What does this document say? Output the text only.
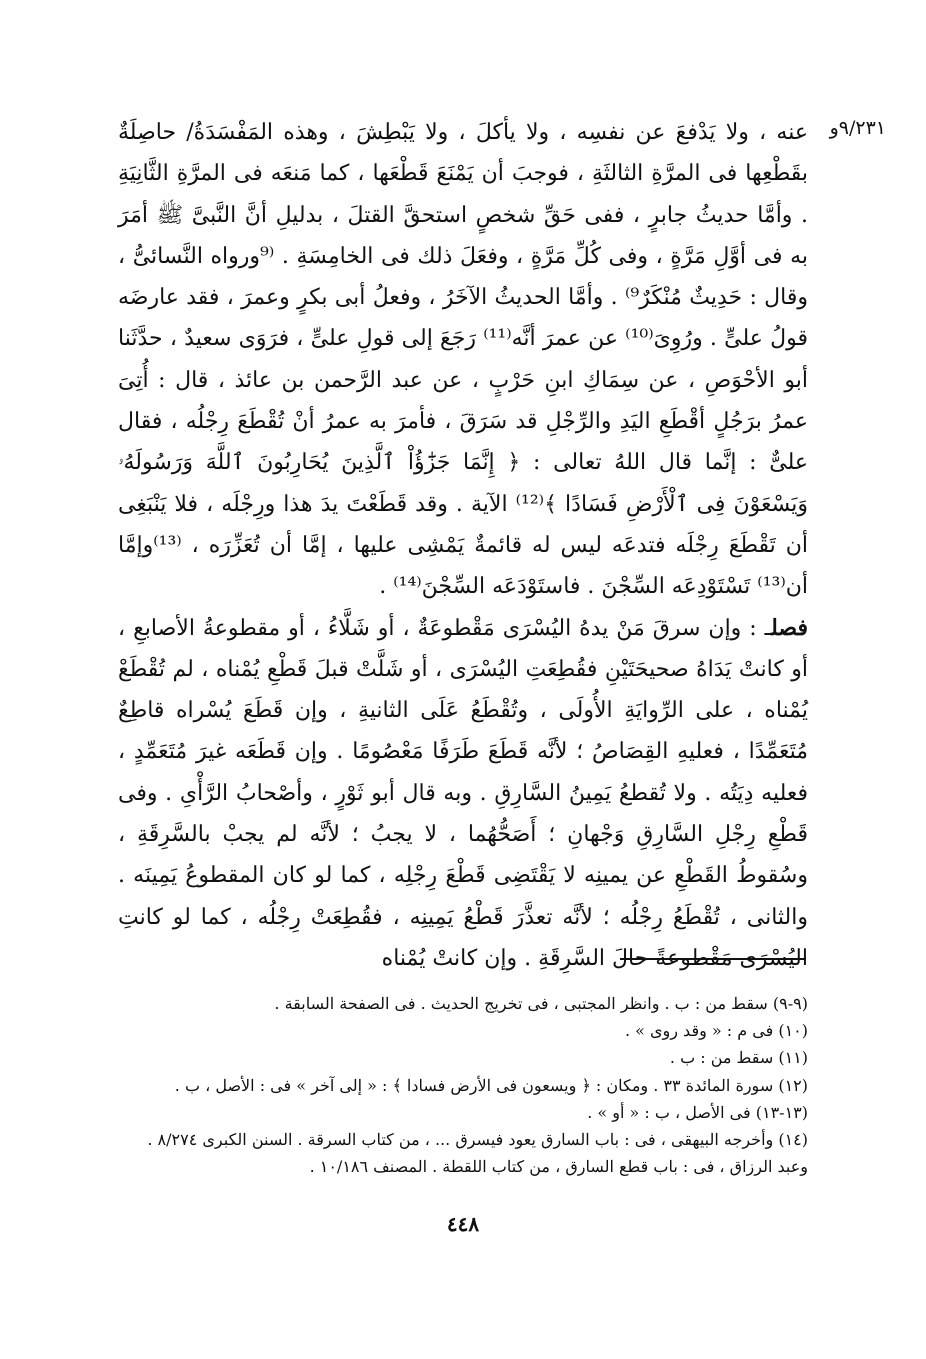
٩/٢٣١و

عنه ، ولا يَدْفعَ عن نفسِه ، ولا يأكلَ ، ولا يَبْطِشَ ، وهذه المَفْسَدَةُ/ حاصِلَةٌ بقَطْعِها فى المرَّةِ الثالثَةِ ، فوجبَ أن يَمْنَعَ قَطْعَها ، كما مَنعَه فى المرَّةِ الثَّانِيَةِ . وأمَّا حديثُ جابرٍ ، ففى حَقِّ شخصٍ استحقَّ القتلَ ، بدليلِ أنَّ النَّبىَّ ﷺ أمَرَ به فى أوَّلِ مَرَّةٍ ، وفى كُلِّ مَرَّةٍ ، وفعَلَ ذلك فى الخامِسَةِ . ⁽⁹ورواه النَّسائىُّ ، وقال : حَدِيثٌ مُنْكَرٌ⁹⁾ . وأمَّا الحديثُ الآخَرُ ، وفعلُ أبى بكرٍ وعمرَ ، فقد عارضَه قولُ علىٍّ . ورُوِىَ⁽¹⁰⁾ عن عمرَ أنَّه⁽¹¹⁾ رَجَعَ إلى قولِ علىٍّ ، فرَوَى سعيدٌ ، حدَّثَنا أبو الأحْوَصِ ، عن سِمَاكِ ابنِ حَرْبٍ ، عن عبد الرَّحمن بن عائذ ، قال : أُتِىَ عمرُ برَجُلٍ أقْطَعِ اليَدِ والرِّجْلِ قد سَرَقَ ، فأمرَ به عمرُ أنْ تُقْطَعَ رِجْلُه ، فقال علىٌّ : إنَّما قال اللهُ تعالى : ﴿ إِنَّمَا جَزَٰٓؤُاْ ٱلَّذِينَ يُحَارِبُونَ ٱللَّهَ وَرَسُولَهُۥ وَيَسْعَوْنَ فِى ٱلْأَرْضِ فَسَادًا ﴾⁽¹²⁾ الآية . وقد قَطَعْتَ يدَ هذا ورِجْلَه ، فلا يَنْبَغِى أن تَقْطَعَ رِجْلَه فتدعَه ليس له قائمةٌ يَمْشِى عليها ، إمَّا أن تُعَزِّرَه ، ⁽¹³⁾وإمَّا أن⁽¹³⁾ تَسْتَوْدِعَه السِّجْنَ . فاستَوْدَعَه السِّجْنَ⁽¹⁴⁾ .

فصلـ : وإن سرقَ مَنْ يدهُ اليُسْرَى مَقْطوعَةٌ ، أو شَلَّاءُ ، أو مقطوعةُ الأصابعِ ، أو كانتْ يَدَاهُ صحيحَتَيْنِ فقُطِعَتِ اليُسْرَى ، أو شَلَّتْ قبلَ قَطْعِ يُمْناه ، لم تُقْطَعْ يُمْناه ، على الرِّوايَةِ الأُولَى ، وتُقْطَعُ عَلَى الثانيةِ ، وإن قَطَعَ يُسْراه قاطِعٌ مُتَعَمِّدًا ، فعليهِ القِصَاصُ ؛ لأنَّه قَطَعَ طَرَفًا مَعْصُومًا . وإن قَطَعَه غيرَ مُتَعَمِّدٍ ، فعليه دِيَتُه . ولا تُقطعُ يَمِينُ السَّارِقِ . وبه قال أبو ثَوْرٍ ، وأصْحابُ الرَّأْىِ . وفى قَطْعِ رِجْلِ السَّارِقِ وَجْهانِ ؛ أَصَحُّهُما ، لا يجبُ ؛ لأنَّه لم يجبْ بالسَّرِقَةِ ، وسُقوطُ القَطْعِ عن يمينِه لا يَقْتَضِى قَطْعَ رِجْلِه ، كما لو كان المقطوعُ يَمِينَه . والثانى ، تُقْطَعُ رِجْلُه ؛ لأنَّه تعذَّرَ قَطْعُ يَمِينِه ، فقُطِعَتْ رِجْلُه ، كما لو كانتِ اليُسْرَى مَقْطوعةً حالَ السَّرِقَةِ . وإن كانتْ يُمْناه

(٩-٩) سقط من : ب . وانظر المجتبى ، فى تخريج الحديث . فى الصفحة السابقة .

(١٠) فى م : « وقد روى » .

(١١) سقط من : ب .

(١٢) سورة المائدة ٣٣ . ومكان : ﴿ ويسعون فى الأرض فسادا ﴾ : « إلى آخر » فى : الأصل ، ب .

(١٣-١٣) فى الأصل ، ب : « أو » .

(١٤) وأخرجه البيهقى ، فى : باب السارق يعود فيسرق ... ، من كتاب السرقة . السنن الكبرى ٨/٢٧٤ . وعبد الرزاق ، فى : باب قطع السارق ، من كتاب اللقطة . المصنف ١٠/١٨٦ .

٤٤٨
